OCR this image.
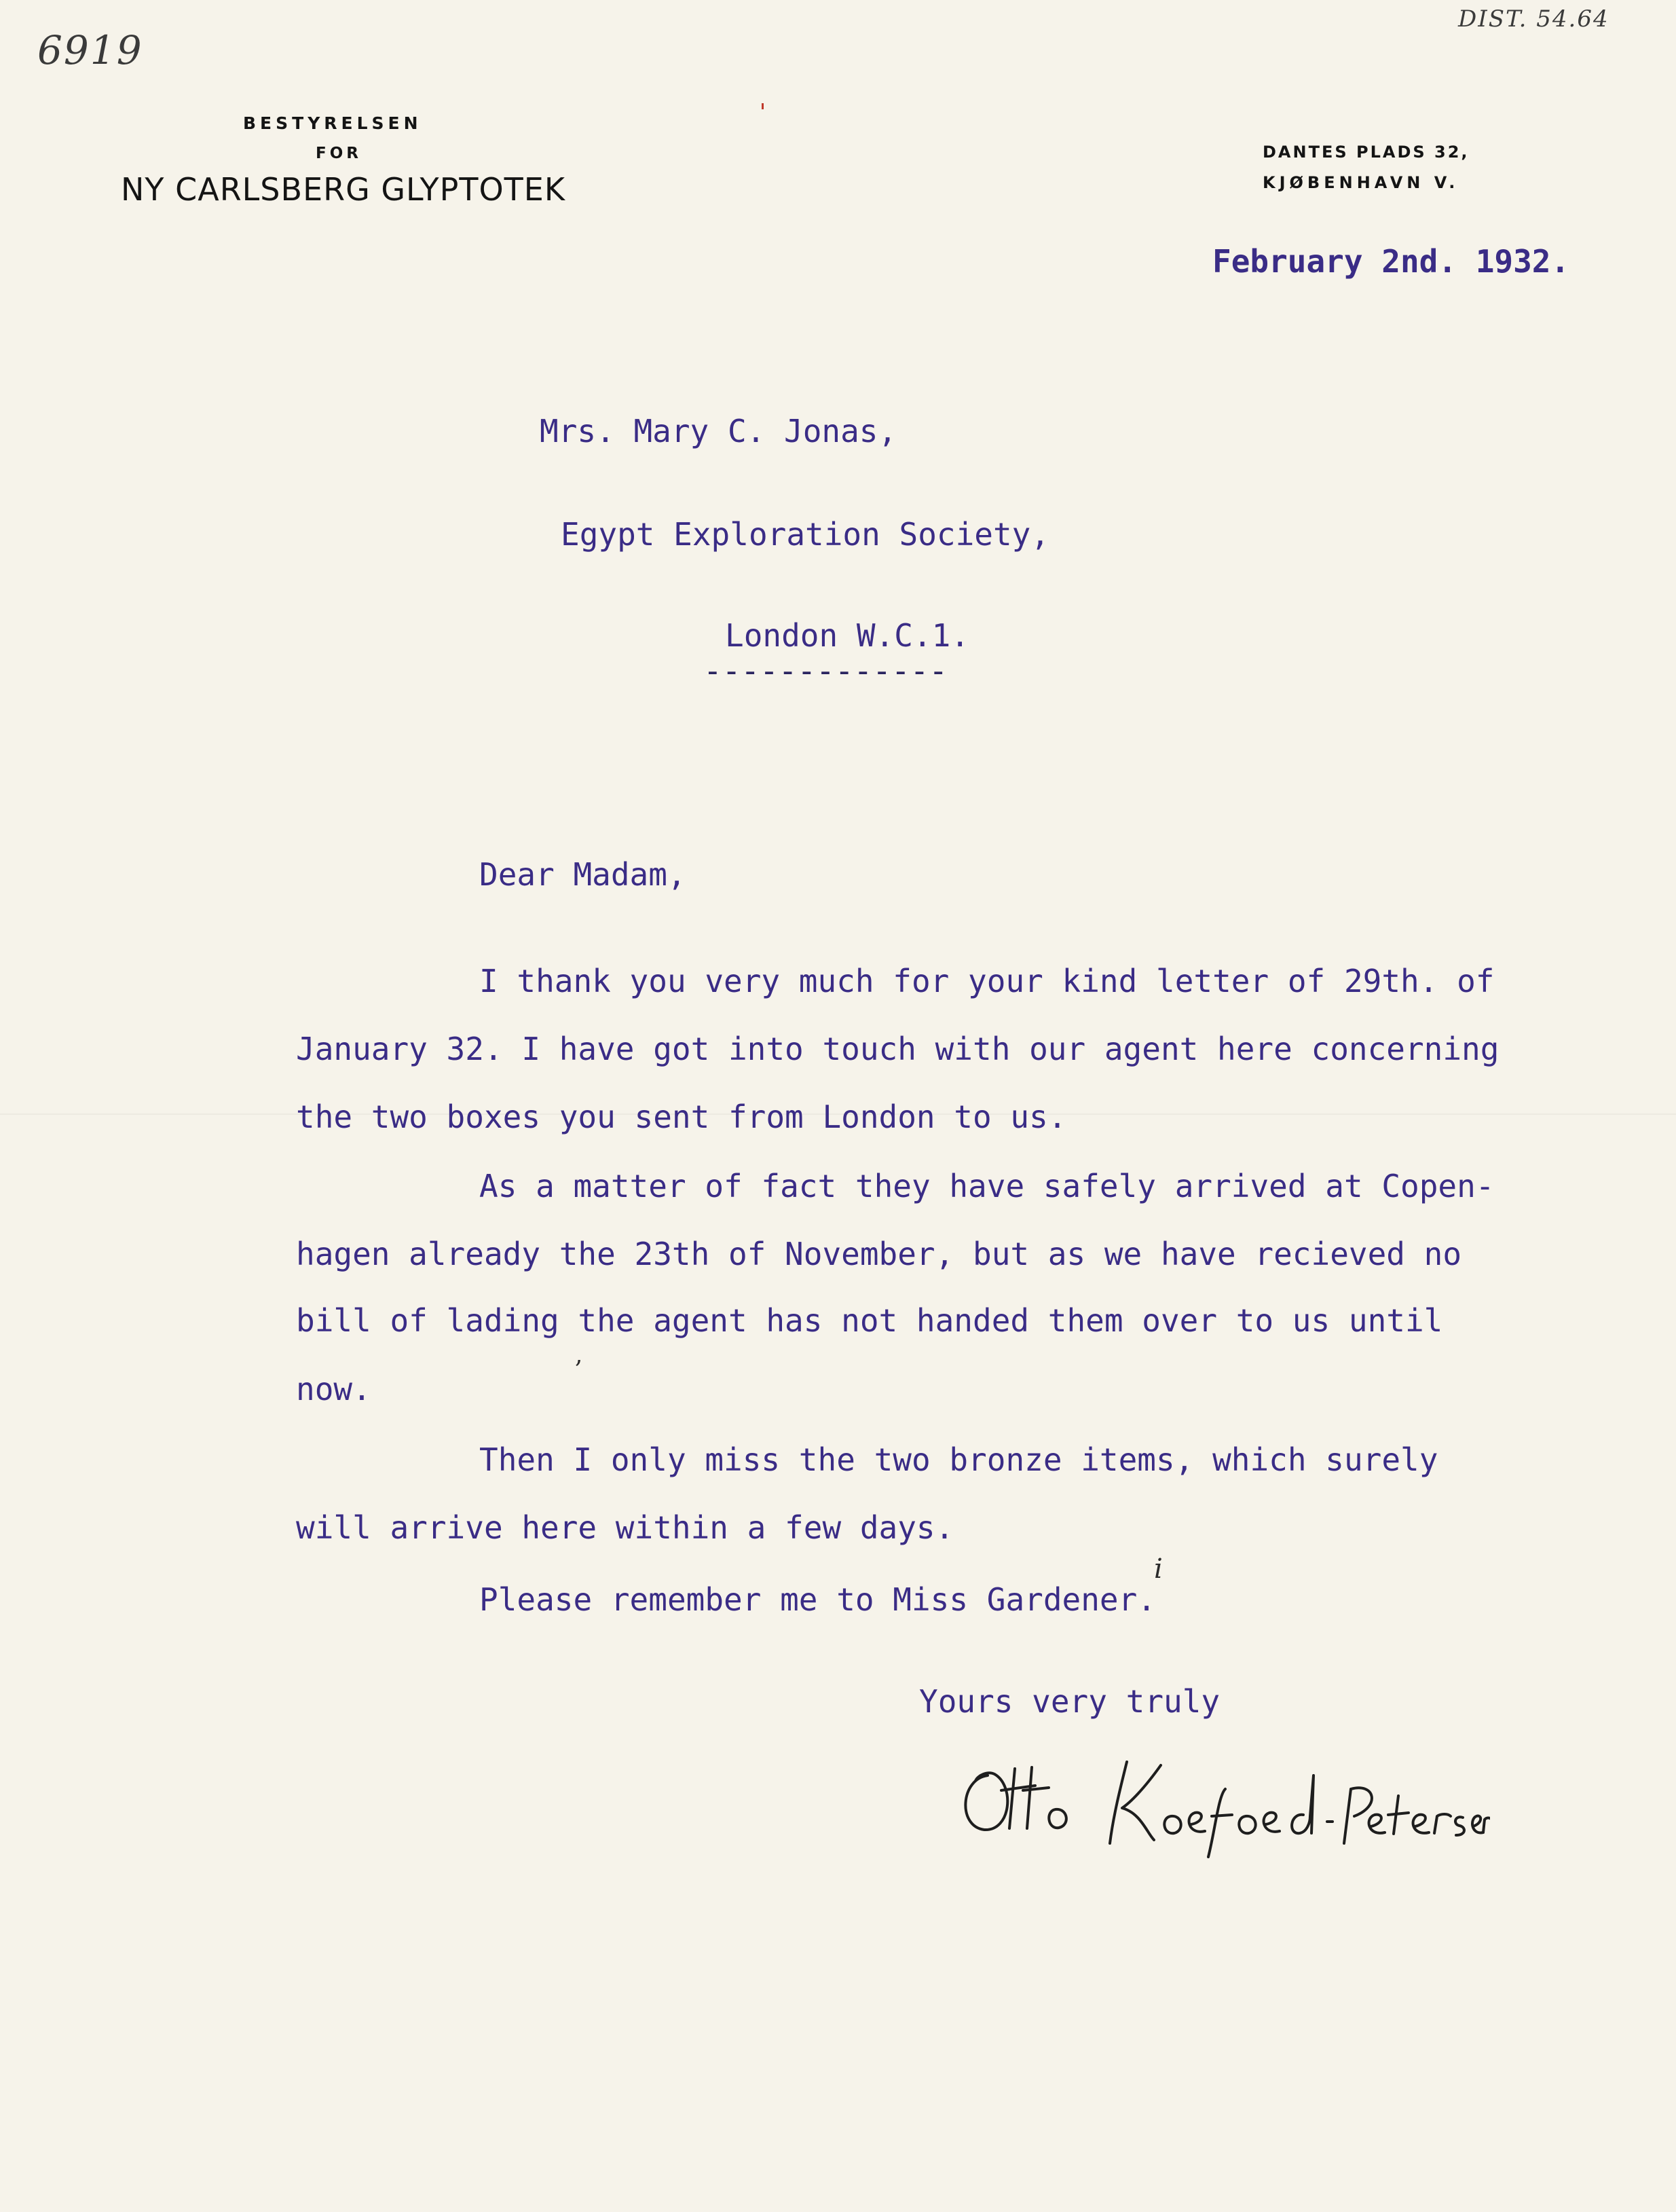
6919
DIST. 54.64
BESTYRELSEN
FOR
NY CARLSBERG GLYPTOTEK
DANTES PLADS 32,
KJØBENHAVN V.
February 2nd. 1932.
Mrs. Mary C. Jonas,
Egypt Exploration Society,
London W.C.1.
-------------
Dear Madam,
I thank you very much for your kind letter of 29th. of
January 32. I have got into touch with our agent here concerning
the two boxes you sent from London to us.
As a matter of fact they have safely arrived at Copen-
hagen already the 23th of November, but as we have recieved no
bill of lading the agent has not handed them over to us until
now.
Then I only miss the two bronze items, which surely
will arrive here within a few days.
Please remember me to Miss Gardener.
,
i
Yours very truly
